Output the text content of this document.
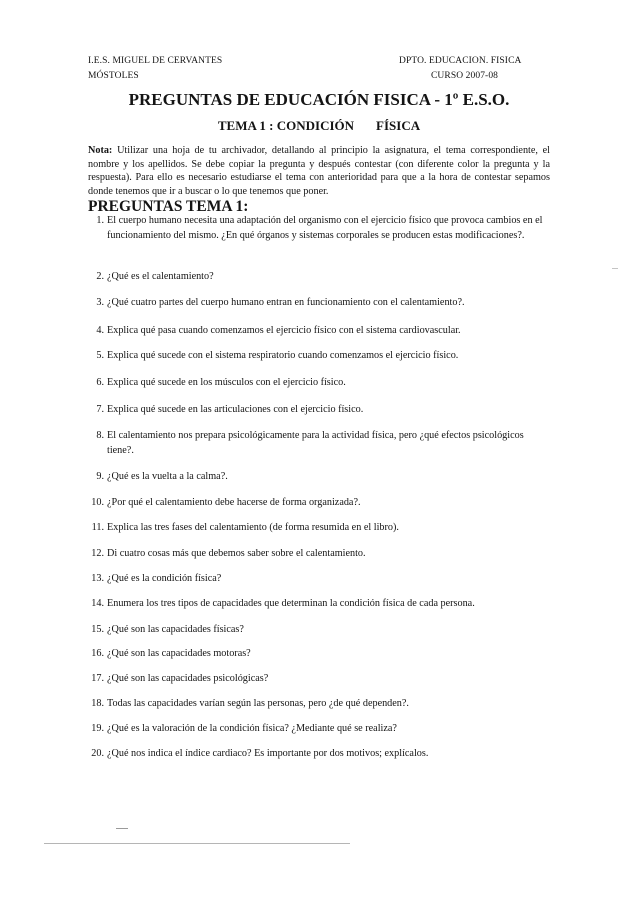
I.E.S. MIGUEL DE CERVANTES
MÓSTOLES
DPTO. EDUCACION. FISICA
CURSO 2007-08
PREGUNTAS DE EDUCACIÓN FISICA - 1º E.S.O.
TEMA 1 : CONDICIÓN FÍSICA
Nota: Utilizar una hoja de tu archivador, detallando al principio la asignatura, el tema correspondiente, el nombre y los apellidos. Se debe copiar la pregunta y después contestar (con diferente color la pregunta y la respuesta). Para ello es necesario estudiarse el tema con anterioridad para que a la hora de contestar sepamos donde tenemos que ir a buscar o lo que tenemos que poner.
PREGUNTAS TEMA 1:
1. El cuerpo humano necesita una adaptación del organismo con el ejercicio físico que provoca cambios en el funcionamiento del mismo. ¿En qué órganos y sistemas corporales se producen estas modificaciones?.
2. ¿Qué es el calentamiento?
3. ¿Qué cuatro partes del cuerpo humano entran en funcionamiento con el calentamiento?.
4. Explica qué pasa cuando comenzamos el ejercicio físico con el sistema cardiovascular.
5. Explica qué sucede con el sistema respiratorio cuando comenzamos el ejercicio físico.
6. Explica qué sucede en los músculos con el ejercicio físico.
7. Explica qué sucede en las articulaciones con el ejercicio físico.
8. El calentamiento nos prepara psicológicamente para la actividad física, pero ¿qué efectos psicológicos tiene?.
9. ¿Qué es la vuelta a la calma?.
10. ¿Por qué el calentamiento debe hacerse de forma organizada?.
11. Explica las tres fases del calentamiento (de forma resumida en el libro).
12. Di cuatro cosas más que debemos saber sobre el calentamiento.
13. ¿Qué es la condición física?
14. Enumera los tres tipos de capacidades que determinan la condición física de cada persona.
15. ¿Qué son las capacidades físicas?
16. ¿Qué son las capacidades motoras?
17. ¿Qué son las capacidades psicológicas?
18. Todas las capacidades varían según las personas, pero ¿de qué dependen?.
19. ¿Qué es la valoración de la condición física? ¿Mediante qué se realiza?
20. ¿Qué nos indica el índice cardiaco? Es importante por dos motivos; explícalos.
